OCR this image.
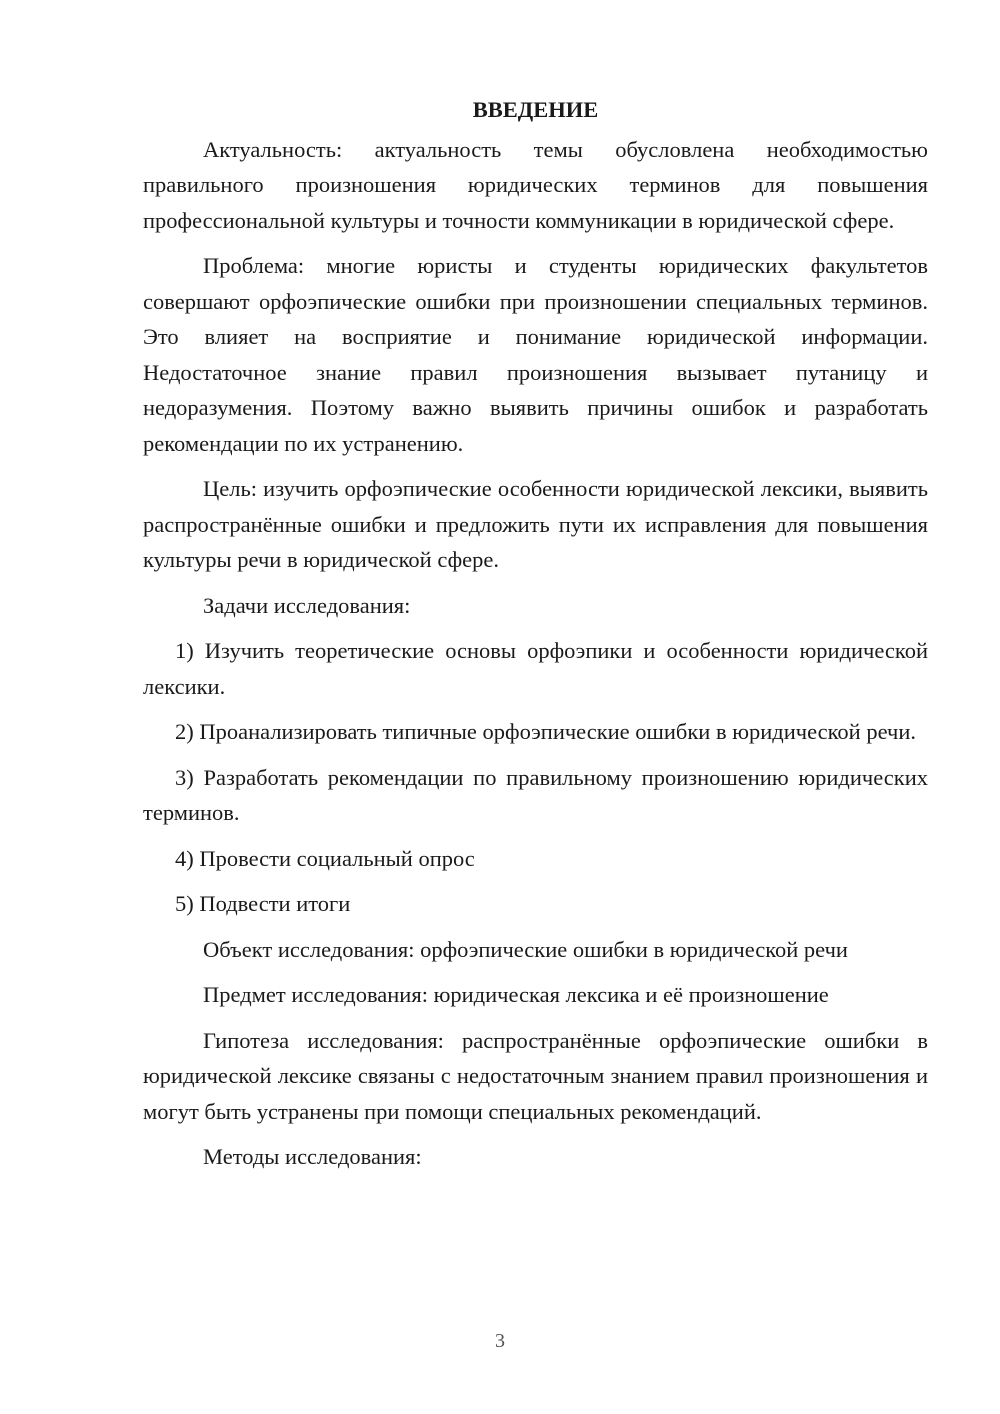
ВВЕДЕНИЕ

Актуальность: актуальность темы обусловлена необходимостью правильного произношения юридических терминов для повышения профессиональной культуры и точности коммуникации в юридической сфере.

Проблема: многие юристы и студенты юридических факультетов совершают орфоэпические ошибки при произношении специальных терминов. Это влияет на восприятие и понимание юридической информации. Недостаточное знание правил произношения вызывает путаницу и недоразумения. Поэтому важно выявить причины ошибок и разработать рекомендации по их устранению.

Цель: изучить орфоэпические особенности юридической лексики, выявить распространённые ошибки и предложить пути их исправления для повышения культуры речи в юридической сфере.

Задачи исследования:

1) Изучить теоретические основы орфоэпики и особенности юридической лексики.

2) Проанализировать типичные орфоэпические ошибки в юридической речи.

3) Разработать рекомендации по правильному произношению юридических терминов.

4) Провести социальный опрос

5) Подвести итоги

Объект исследования: орфоэпические ошибки в юридической речи

Предмет исследования: юридическая лексика и её произношение

Гипотеза исследования: распространённые орфоэпические ошибки в юридической лексике связаны с недостаточным знанием правил произношения и могут быть устранены при помощи специальных рекомендаций.

Методы исследования:

3
